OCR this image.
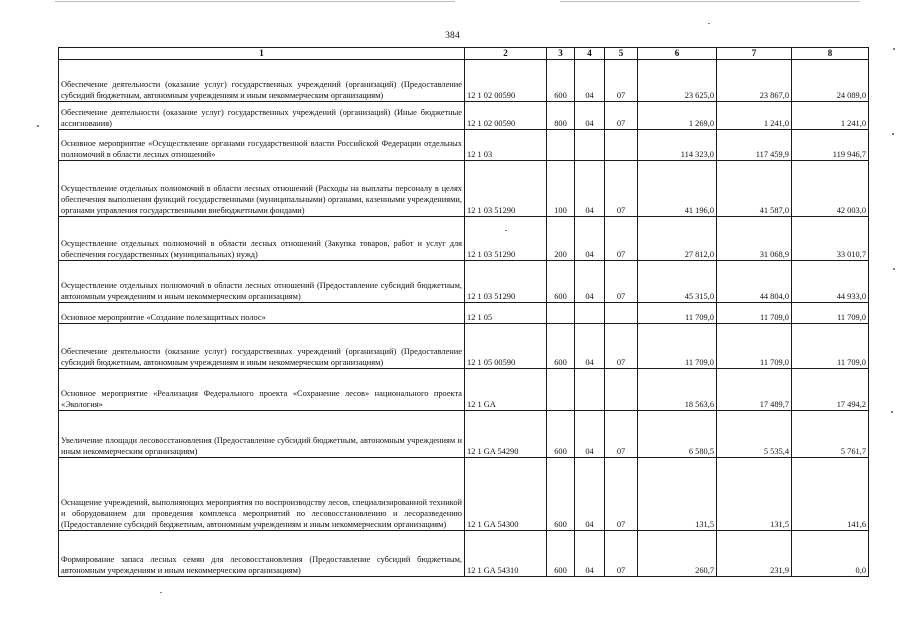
384
1	2	3	4	5	6	7	8
Обеспечение деятельности (оказание услуг) государственных учреждений (организаций) (Предоставление субсидий бюджетным, автономным учреждениям и иным некоммерческим организациям)	12 1 02 00590	600	04	07	23 625,0	23 867,0	24 089,0
Обеспечение деятельности (оказание услуг) государственных учреждений (организаций) (Иные бюджетные ассигнования)	12 1 02 00590	800	04	07	1 269,0	1 241,0	1 241,0
Основное мероприятие «Осуществление органами государственной власти Российской Федерации отдельных полномочий в области лесных отношений»	12 1 03				114 323,0	117 459,9	119 946,7
Осуществление отдельных полномочий в области лесных отношений (Расходы на выплаты персоналу в целях обеспечения выполнения функций государственными (муниципальными) органами, казенными учреждениями, органами управления государственными внебюджетными фондами)	12 1 03 51290	100	04	07	41 196,0	41 587,0	42 003,0
Осуществление отдельных полномочий в области лесных отношений (Закупка товаров, работ и услуг для обеспечения государственных (муниципальных) нужд)	12 1 03 51290	200	04	07	27 812,0	31 068,9	33 010,7
Осуществление отдельных полномочий в области лесных отношений (Предоставление субсидий бюджетным, автономным учреждениям и иным некоммерческим организациям)	12 1 03 51290	600	04	07	45 315,0	44 804,0	44 933,0
Основное мероприятие «Создание полезащитных полос»	12 1 05				11 709,0	11 709,0	11 709,0
Обеспечение деятельности (оказание услуг) государственных учреждений (организаций) (Предоставление субсидий бюджетным, автономным учреждениям и иным некоммерческим организациям)	12 1 05 00590	600	04	07	11 709,0	11 709,0	11 709,0
Основное мероприятие «Реализация Федерального проекта «Сохранение лесов» национального проекта «Экология»	12 1 GA				18 563,6	17 489,7	17 494,2
Увеличение площади лесовосстановления (Предоставление субсидий бюджетным, автономным учреждениям и иным некоммерческим организациям)	12 1 GA 54290	600	04	07	6 580,5	5 535,4	5 761,7
Оснащение учреждений, выполняющих мероприятия по воспроизводству лесов, специализированной техникой и оборудованием для проведения комплекса мероприятий по лесовосстановлению и лесоразведению (Предоставление субсидий бюджетным, автономным учреждениям и иным некоммерческим организациям)	12 1 GA 54300	600	04	07	131,5	131,5	141,6
Формирование запаса лесных семян для лесовосстановления (Предоставление субсидий бюджетным, автономным учреждениям и иным некоммерческим организациям)	12 1 GA 54310	600	04	07	260,7	231,9	0,0
